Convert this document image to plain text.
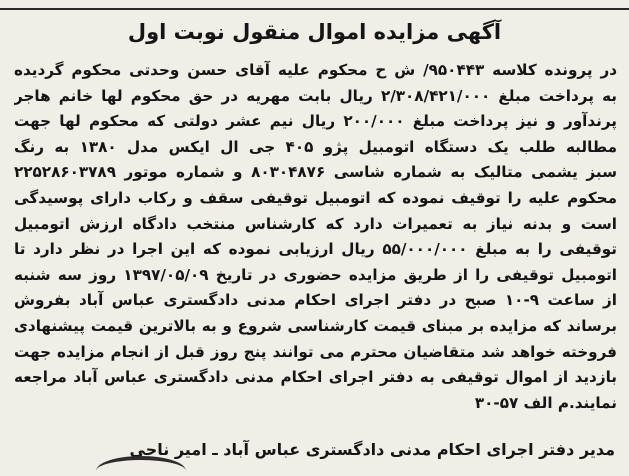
آگهی مزایده اموال منقول نوبت اول
در پرونده کلاسه ۹۵۰۴۴۳/ ش ح محکوم علیه آقای حسن وحدتی محکوم گردیده
به پرداخت مبلغ ۲/۳۰۸/۴۲۱/۰۰۰ ریال بابت مهریه در حق محکوم لها خانم هاجر
پرندآور و نیز پرداخت مبلغ ۲۰۰/۰۰۰ ریال نیم عشر دولتی که محکوم لها جهت
مطالبه طلب یک دستگاه اتومبیل پژو ۴۰۵ جی ال ایکس مدل ۱۳۸۰ به رنگ
سبز یشمی متالیک به شماره شاسی ۸۰۳۰۴۸۷۶ و شماره موتور ۲۲۵۲۸۶۰۳۷۸۹
محکوم علیه را توقیف نموده که اتومبیل توقیفی سقف و رکاب دارای پوسیدگی
است و بدنه نیاز به تعمیرات دارد که کارشناس منتخب دادگاه ارزش اتومبیل
توقیفی را به مبلغ ۵۵/۰۰۰/۰۰۰ ریال ارزیابی نموده که این اجرا در نظر دارد تا
اتومبیل توقیفی را از طریق مزایده حضوری در تاریخ ۱۳۹۷/۰۵/۰۹ روز سه شنبه
از ساعت ۹-۱۰ صبح در دفتر اجرای احکام مدنی دادگستری عباس آباد بفروش
برساند که مزایده بر مبنای قیمت کارشناسی شروع و به بالاترین قیمت پیشنهادی
فروخته خواهد شد متقاضیان محترم می توانند پنج روز قبل از انجام مزایده جهت
بازدید از اموال توقیفی به دفتر اجرای احکام مدنی دادگستری عباس آباد مراجعه
نمایند.م الف ۵۷-۳۰

مدیر دفتر اجرای احکام مدنی دادگستری عباس آباد ـ امیر ناجی
